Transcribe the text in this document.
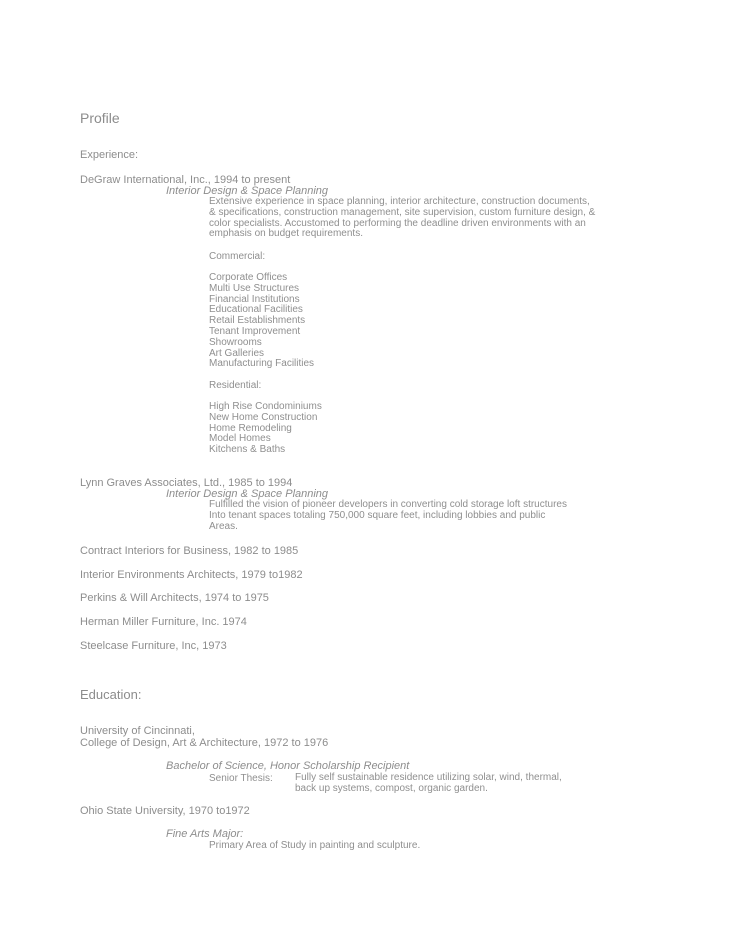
Profile
Experience:
DeGraw International, Inc., 1994 to present
Interior Design & Space Planning
Extensive experience in space planning, interior architecture, construction documents,
& specifications, construction management, site supervision, custom furniture design, &
color specialists. Accustomed to performing the deadline driven environments with an
emphasis on budget requirements.
Commercial:
Corporate Offices
Multi Use Structures
Financial Institutions
Educational Facilities
Retail Establishments
Tenant Improvement
Showrooms
Art Galleries
Manufacturing Facilities
Residential:
High Rise Condominiums
New Home Construction
Home Remodeling
Model Homes
Kitchens & Baths
Lynn Graves Associates, Ltd., 1985 to 1994
Interior Design & Space Planning
Fulfilled the vision of pioneer developers in converting cold storage loft structures
Into tenant spaces totaling 750,000 square feet, including lobbies and public
Areas.
Contract Interiors for Business, 1982 to 1985
Interior Environments Architects, 1979 to1982
Perkins & Will Architects, 1974 to 1975
Herman Miller Furniture, Inc. 1974
Steelcase Furniture, Inc, 1973
Education:
University of Cincinnati,
College of Design, Art & Architecture, 1972 to 1976
Bachelor of Science, Honor Scholarship Recipient
Senior Thesis: Fully self sustainable residence utilizing solar, wind, thermal,
back up systems, compost, organic garden.
Ohio State University, 1970 to1972
Fine Arts Major:
Primary Area of Study in painting and sculpture.
